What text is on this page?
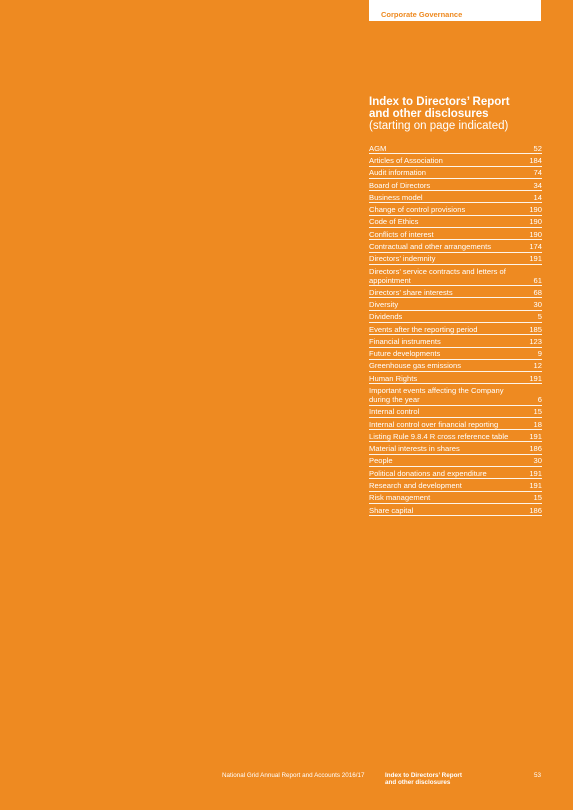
Corporate Governance

Index to Directors’ Report

and other disclosures

(starting on page indicated)

AGM	52
Articles of Association	184
Audit information	74
Board of Directors	34
Business model	14
Change of control provisions	190
Code of Ethics	190
Conflicts of interest	190
Contractual and other arrangements	174
Directors’ indemnity	191
Directors’ service contracts and letters of appointment	61
Directors’ share interests	68
Diversity	30
Dividends	5
Events after the reporting period	185
Financial instruments	123
Future developments	9
Greenhouse gas emissions	12
Human Rights	191
Important events affecting the Company during the year	6
Internal control	15
Internal control over financial reporting	18
Listing Rule 9.8.4 R cross reference table	191
Material interests in shares	186
People	30
Political donations and expenditure	191
Research and development	191
Risk management	15
Share capital	186
National Grid Annual Report and Accounts 2016/17	Index to Directors’ Report
and other disclosures
53
